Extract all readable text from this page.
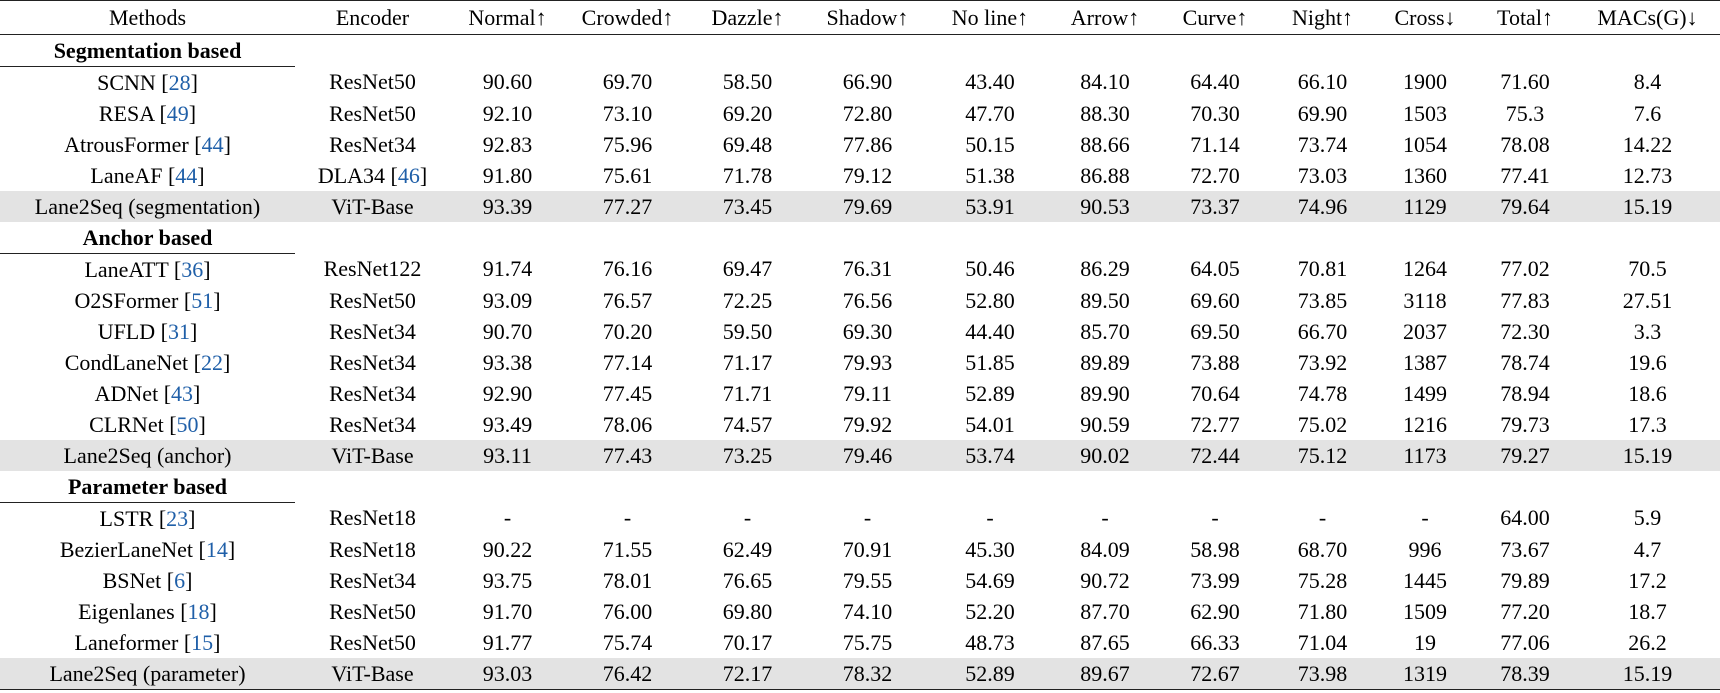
Methods	Encoder	Normal↑	Crowded↑	Dazzle↑	Shadow↑	No line↑	Arrow↑	Curve↑	Night↑	Cross↓	Total↑	MACs(G)↓
Segmentation based												
SCNN [28]	ResNet50	90.60	69.70	58.50	66.90	43.40	84.10	64.40	66.10	1900	71.60	8.4
RESA [49]	ResNet50	92.10	73.10	69.20	72.80	47.70	88.30	70.30	69.90	1503	75.3	7.6
AtrousFormer [44]	ResNet34	92.83	75.96	69.48	77.86	50.15	88.66	71.14	73.74	1054	78.08	14.22
LaneAF [44]	DLA34 [46]	91.80	75.61	71.78	79.12	51.38	86.88	72.70	73.03	1360	77.41	12.73
Lane2Seq (segmentation)	ViT-Base	93.39	77.27	73.45	79.69	53.91	90.53	73.37	74.96	1129	79.64	15.19
Anchor based												
LaneATT [36]	ResNet122	91.74	76.16	69.47	76.31	50.46	86.29	64.05	70.81	1264	77.02	70.5
O2SFormer [51]	ResNet50	93.09	76.57	72.25	76.56	52.80	89.50	69.60	73.85	3118	77.83	27.51
UFLD [31]	ResNet34	90.70	70.20	59.50	69.30	44.40	85.70	69.50	66.70	2037	72.30	3.3
CondLaneNet [22]	ResNet34	93.38	77.14	71.17	79.93	51.85	89.89	73.88	73.92	1387	78.74	19.6
ADNet [43]	ResNet34	92.90	77.45	71.71	79.11	52.89	89.90	70.64	74.78	1499	78.94	18.6
CLRNet [50]	ResNet34	93.49	78.06	74.57	79.92	54.01	90.59	72.77	75.02	1216	79.73	17.3
Lane2Seq (anchor)	ViT-Base	93.11	77.43	73.25	79.46	53.74	90.02	72.44	75.12	1173	79.27	15.19
Parameter based												
LSTR [23]	ResNet18	-	-	-	-	-	-	-	-	-	64.00	5.9
BezierLaneNet [14]	ResNet18	90.22	71.55	62.49	70.91	45.30	84.09	58.98	68.70	996	73.67	4.7
BSNet [6]	ResNet34	93.75	78.01	76.65	79.55	54.69	90.72	73.99	75.28	1445	79.89	17.2
Eigenlanes [18]	ResNet50	91.70	76.00	69.80	74.10	52.20	87.70	62.90	71.80	1509	77.20	18.7
Laneformer [15]	ResNet50	91.77	75.74	70.17	75.75	48.73	87.65	66.33	71.04	19	77.06	26.2
Lane2Seq (parameter)	ViT-Base	93.03	76.42	72.17	78.32	52.89	89.67	72.67	73.98	1319	78.39	15.19
